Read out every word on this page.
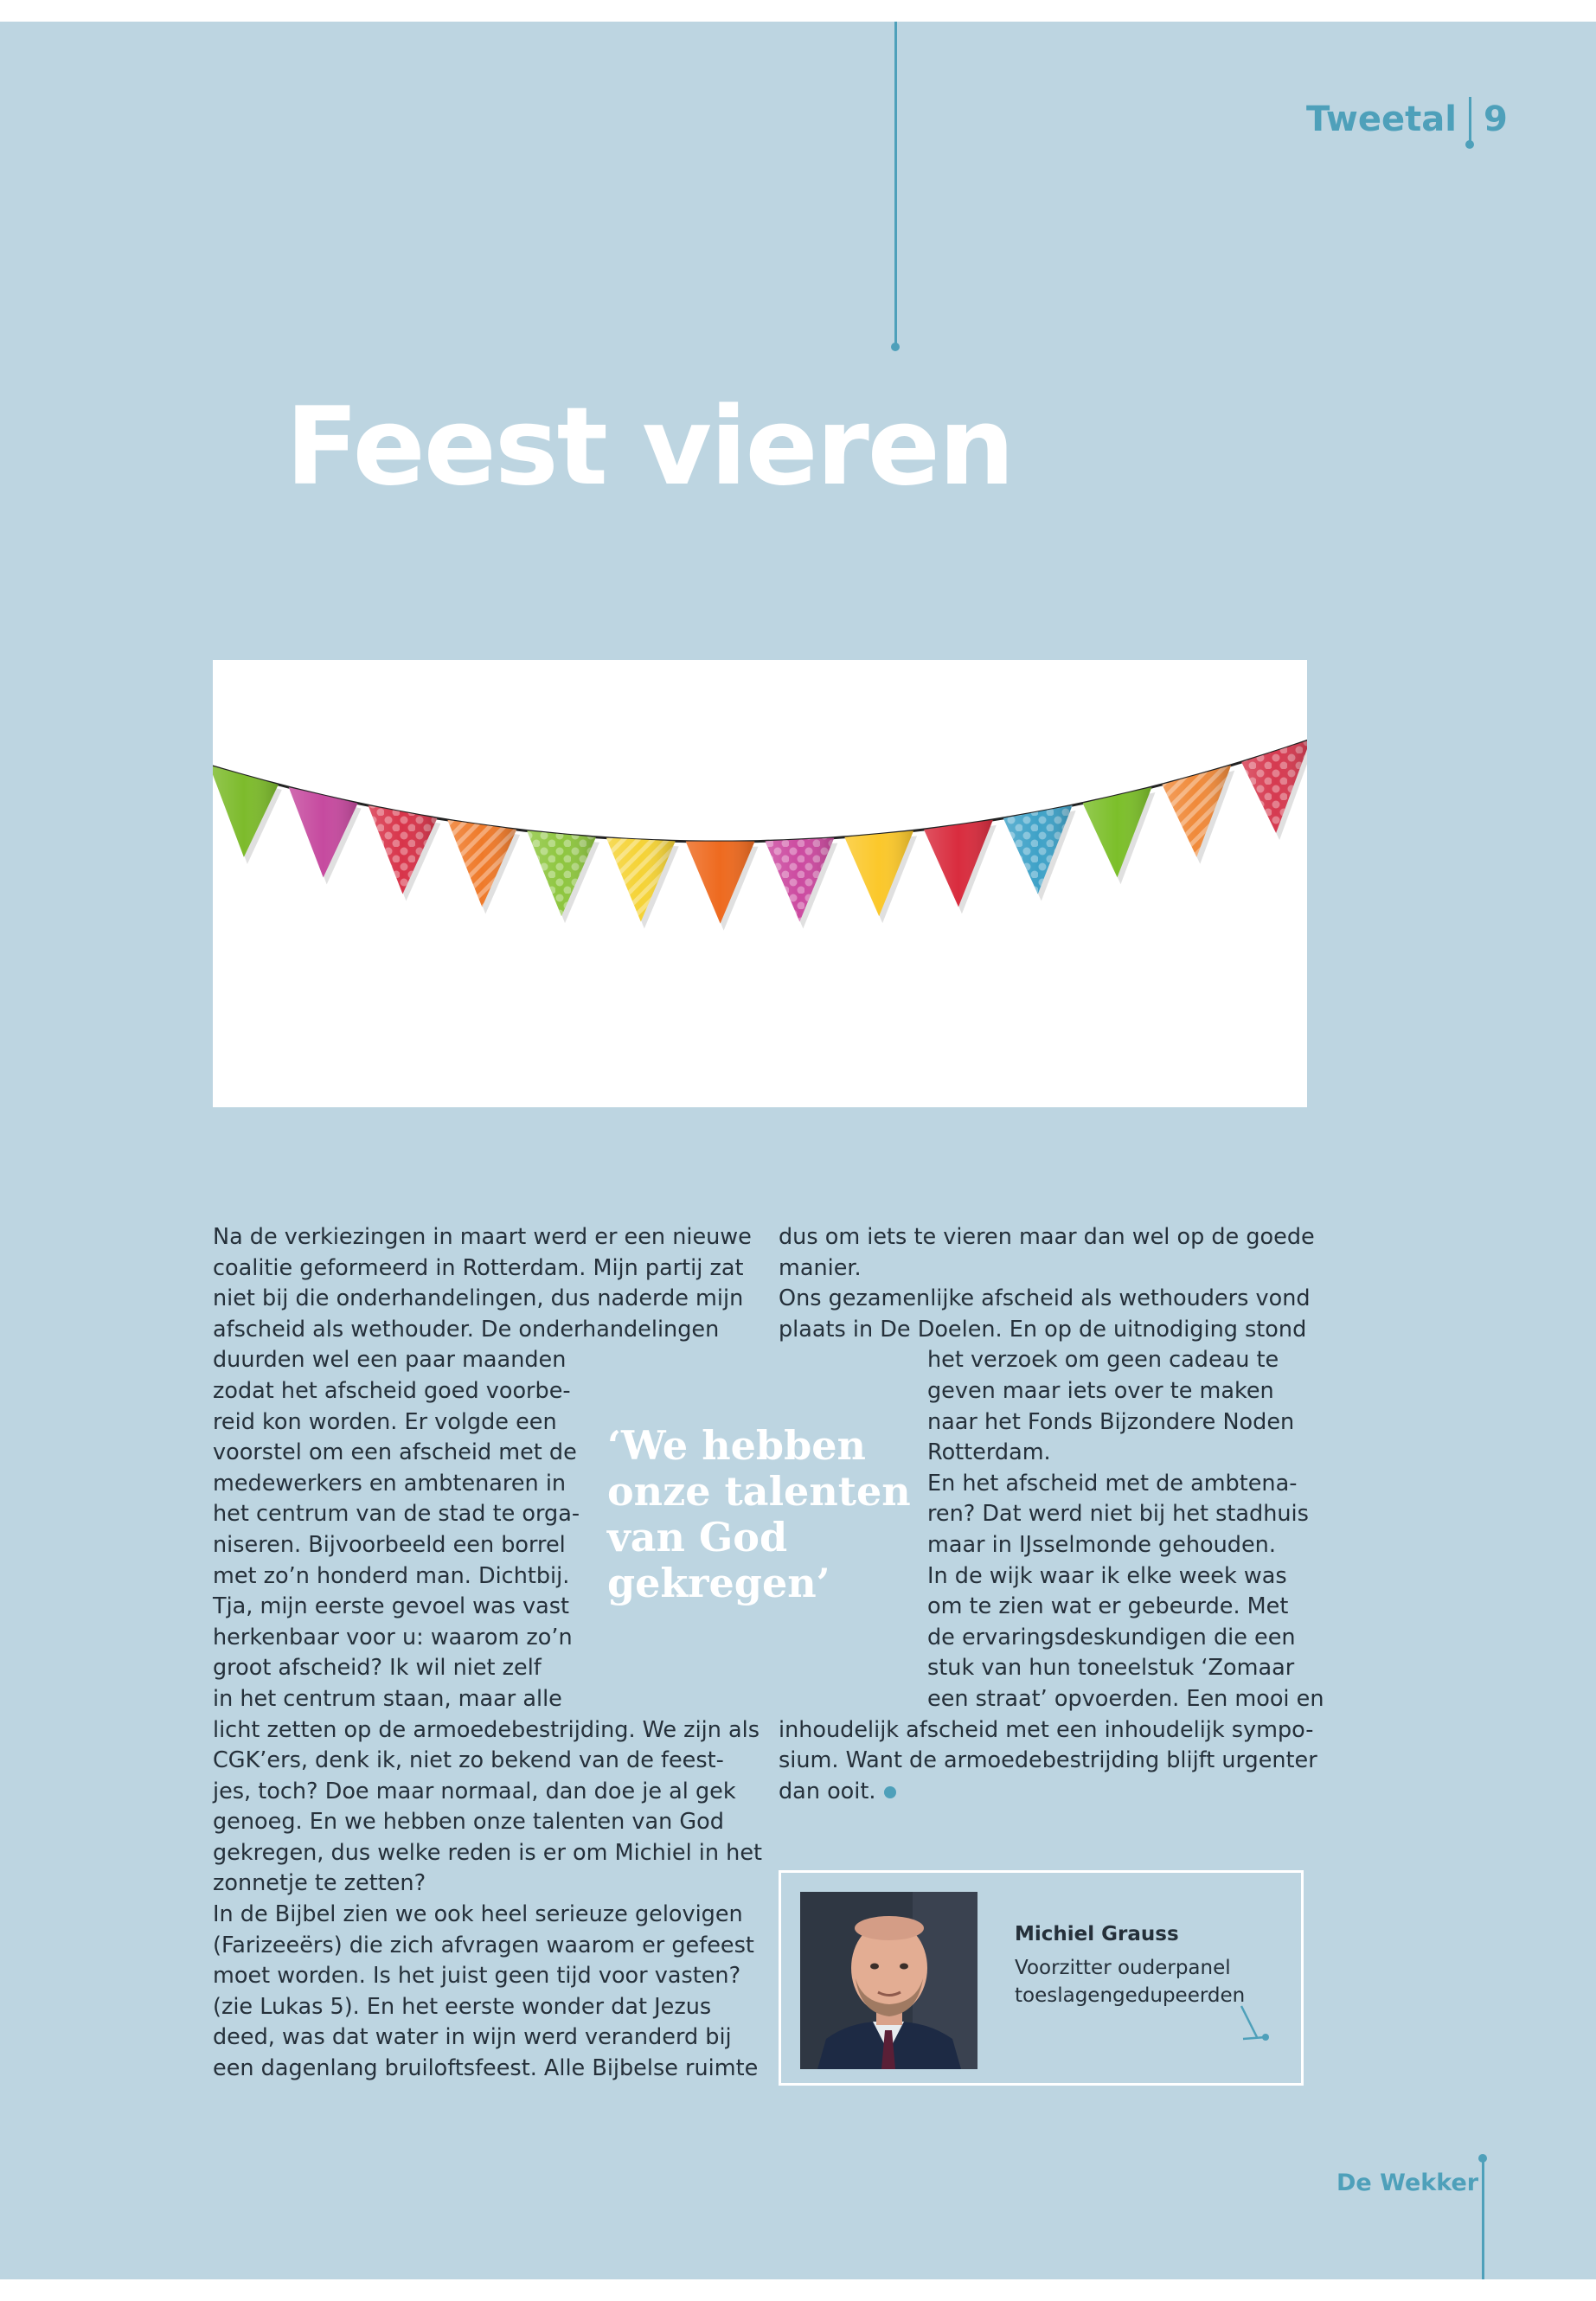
Tweetal 9
Feest vieren
Na de verkiezingen in maart werd er een nieuwe
coalitie geformeerd in Rotterdam. Mijn partij zat
niet bij die onderhandelingen, dus naderde mijn
afscheid als wethouder. De onderhandelingen
duurden wel een paar maanden
zodat het afscheid goed voorbe-
reid kon worden. Er volgde een
voorstel om een afscheid met de
medewerkers en ambtenaren in
het centrum van de stad te orga-
niseren. Bijvoorbeeld een borrel
met zo’n honderd man. Dichtbij.
Tja, mijn eerste gevoel was vast
herkenbaar voor u: waarom zo’n
groot afscheid? Ik wil niet zelf
in het centrum staan, maar alle
licht zetten op de armoedebestrijding. We zijn als
CGK’ers, denk ik, niet zo bekend van de feest-
jes, toch? Doe maar normaal, dan doe je al gek
genoeg. En we hebben onze talenten van God
gekregen, dus welke reden is er om Michiel in het
zonnetje te zetten?
In de Bijbel zien we ook heel serieuze gelovigen
(Farizeeërs) die zich afvragen waarom er gefeest
moet worden. Is het juist geen tijd voor vasten?
(zie Lukas 5). En het eerste wonder dat Jezus
deed, was dat water in wijn werd veranderd bij
een dagenlang bruiloftsfeest. Alle Bijbelse ruimte
‘We hebben
onze talenten
van God
gekregen’
dus om iets te vieren maar dan wel op de goede
manier.
Ons gezamenlijke afscheid als wethouders vond
plaats in De Doelen. En op de uitnodiging stond
het verzoek om geen cadeau te
geven maar iets over te maken
naar het Fonds Bijzondere Noden
Rotterdam.
En het afscheid met de ambtena-
ren? Dat werd niet bij het stadhuis
maar in IJsselmonde gehouden.
In de wijk waar ik elke week was
om te zien wat er gebeurde. Met
de ervaringsdeskundigen die een
stuk van hun toneelstuk ‘Zomaar
een straat’ opvoerden. Een mooi en
inhoudelijk afscheid met een inhoudelijk sympo-
sium. Want de armoedebestrijding blijft urgenter
dan ooit.
Michiel Grauss
Voorzitter ouderpanel
toeslagengedupeerden
De Wekker
